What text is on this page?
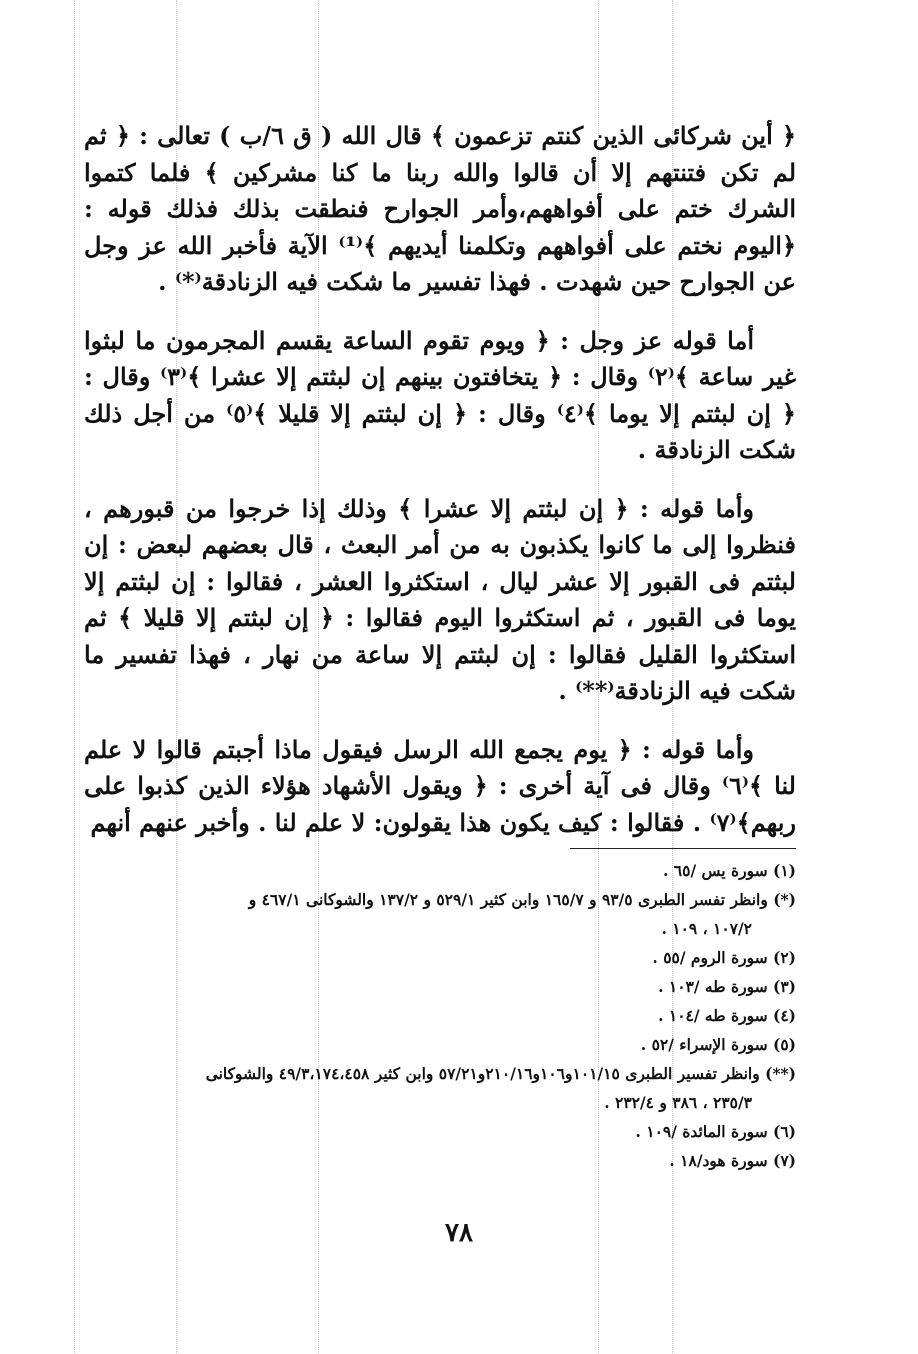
﴿ أين شركائى الذين كنتم تزعمون ﴾ قال الله ( ق ٦/ب ) تعالى : ﴿ ثم لم تكن فتنتهم إلا أن قالوا والله ربنا ما كنا مشركين ﴾ فلما كتموا الشرك ختم على أفواههم،وأمر الجوارح فنطقت بذلك فذلك قوله : ﴿اليوم نختم على أفواههم وتكلمنا أيديهم ﴾⁽¹⁾ الآية فأخبر الله عز وجل عن الجوارح حين شهدت . فهذا تفسير ما شكت فيه الزنادقة⁽*⁾ .

أما قوله عز وجل : ﴿ ويوم تقوم الساعة يقسم المجرمون ما لبثوا غير ساعة ﴾⁽٢⁾ وقال : ﴿ يتخافتون بينهم إن لبثتم إلا عشرا ﴾⁽٣⁾ وقال : ﴿ إن لبثتم إلا يوما ﴾⁽٤⁾ وقال : ﴿ إن لبثتم إلا قليلا ﴾⁽٥⁾ من أجل ذلك شكت الزنادقة .

وأما قوله : ﴿ إن لبثتم إلا عشرا ﴾ وذلك إذا خرجوا من قبورهم ، فنظروا إلى ما كانوا يكذبون به من أمر البعث ، قال بعضهم لبعض : إن لبثتم فى القبور إلا عشر ليال ، استكثروا العشر ، فقالوا : إن لبثتم إلا يوما فى القبور ، ثم استكثروا اليوم فقالوا : ﴿ إن لبثتم إلا قليلا ﴾ ثم استكثروا القليل فقالوا : إن لبثتم إلا ساعة من نهار ، فهذا تفسير ما شكت فيه الزنادقة⁽**⁾ .

وأما قوله : ﴿ يوم يجمع الله الرسل فيقول ماذا أجبتم قالوا لا علم لنا ﴾⁽٦⁾ وقال فى آية أخرى : ﴿ ويقول الأشهاد هؤلاء الذين كذبوا على ربهم﴾⁽٧⁾ . فقالوا : كيف يكون هذا يقولون: لا علم لنا . وأخبر عنهم أنهم

(١) سورة يس /٦٥ .

(*) وانظر تفسر الطبرى ٩٣/٥ و ١٦٥/٧ وابن كثير ٥٢٩/١ و ١٣٧/٢ والشوكانى ٤٦٧/١ و
١٠٧/٢ ، ١٠٩ .

(٢) سورة الروم /٥٥ .

(٣) سورة طه /١٠٣ .

(٤) سورة طه /١٠٤ .

(٥) سورة الإسراء /٥٢ .

(**) وانظر تفسير الطبرى ١٠١/١٥و١٠٦و٢١٠/١٦و٥٧/٢١ وابن كثير ٤٩/٣،١٧٤،٤٥٨ والشوكانى
٢٣٥/٣ ، ٣٨٦ و ٢٣٢/٤ .

(٦) سورة المائدة /١٠٩ .

(٧) سورة هود/١٨ .

٧٨
